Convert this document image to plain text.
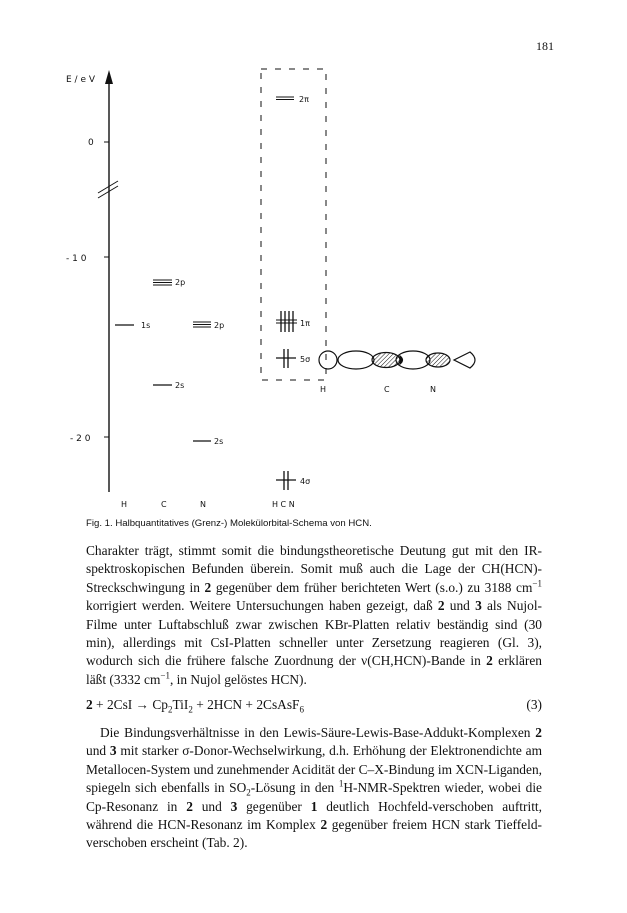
181
E / e V
0
- 1 0
- 2 0
1s
2p
2s
2p
2s
2π
1π
5σ
H	C	N
4σ
H	C	N	H C N
Fig. 1. Halbquantitatives (Grenz-) Molekülorbital-Schema von HCN.

Charakter trägt, stimmt somit die bindungstheoretische Deutung gut mit den IR-spektroskopischen Befunden überein. Somit muß auch die Lage der CH(HCN)-Streckschwingung in 2 gegenüber dem früher berichteten Wert (s.o.) zu 3188 $cm^{-1}$ korrigiert werden. Weitere Untersuchungen haben gezeigt, daß 2 und 3 als Nujol-Filme unter Luftabschluß zwar zwischen KBr-Platten relativ beständig sind (30 min), allerdings mit CsI-Platten schneller unter Zersetzung reagieren (Gl. 3), wodurch sich die frühere falsche Zuordnung der ν(CH,HCN)-Bande in 2 erklären läßt (3332 $cm^{-1}$, in Nujol gelöstes HCN).

$2 + 2CsI \to Cp_2TiI_2 + 2HCN$ + 2CsAsF$_6$	(3)

Die Bindungsverhältnisse in den Lewis-Säure-Lewis-Base-Addukt-Komplexen 2 und 3 mit starker σ-Donor-Wechselwirkung, d.h. Erhöhung der Elektronendichte am Metallocen-System und zunehmender Acidität der C–X-Bindung im XCN-Liganden, spiegeln sich ebenfalls in $SO_2$-Lösung in den $^1$H-NMR-Spektren wieder, wobei die Cp-Resonanz in 2 und 3 gegenüber 1 deutlich Hochfeld-verschoben auftritt, während die HCN-Resonanz im Komplex 2 gegenüber freiem HCN stark Tieffeld-verschoben erscheint (Tab. 2).
